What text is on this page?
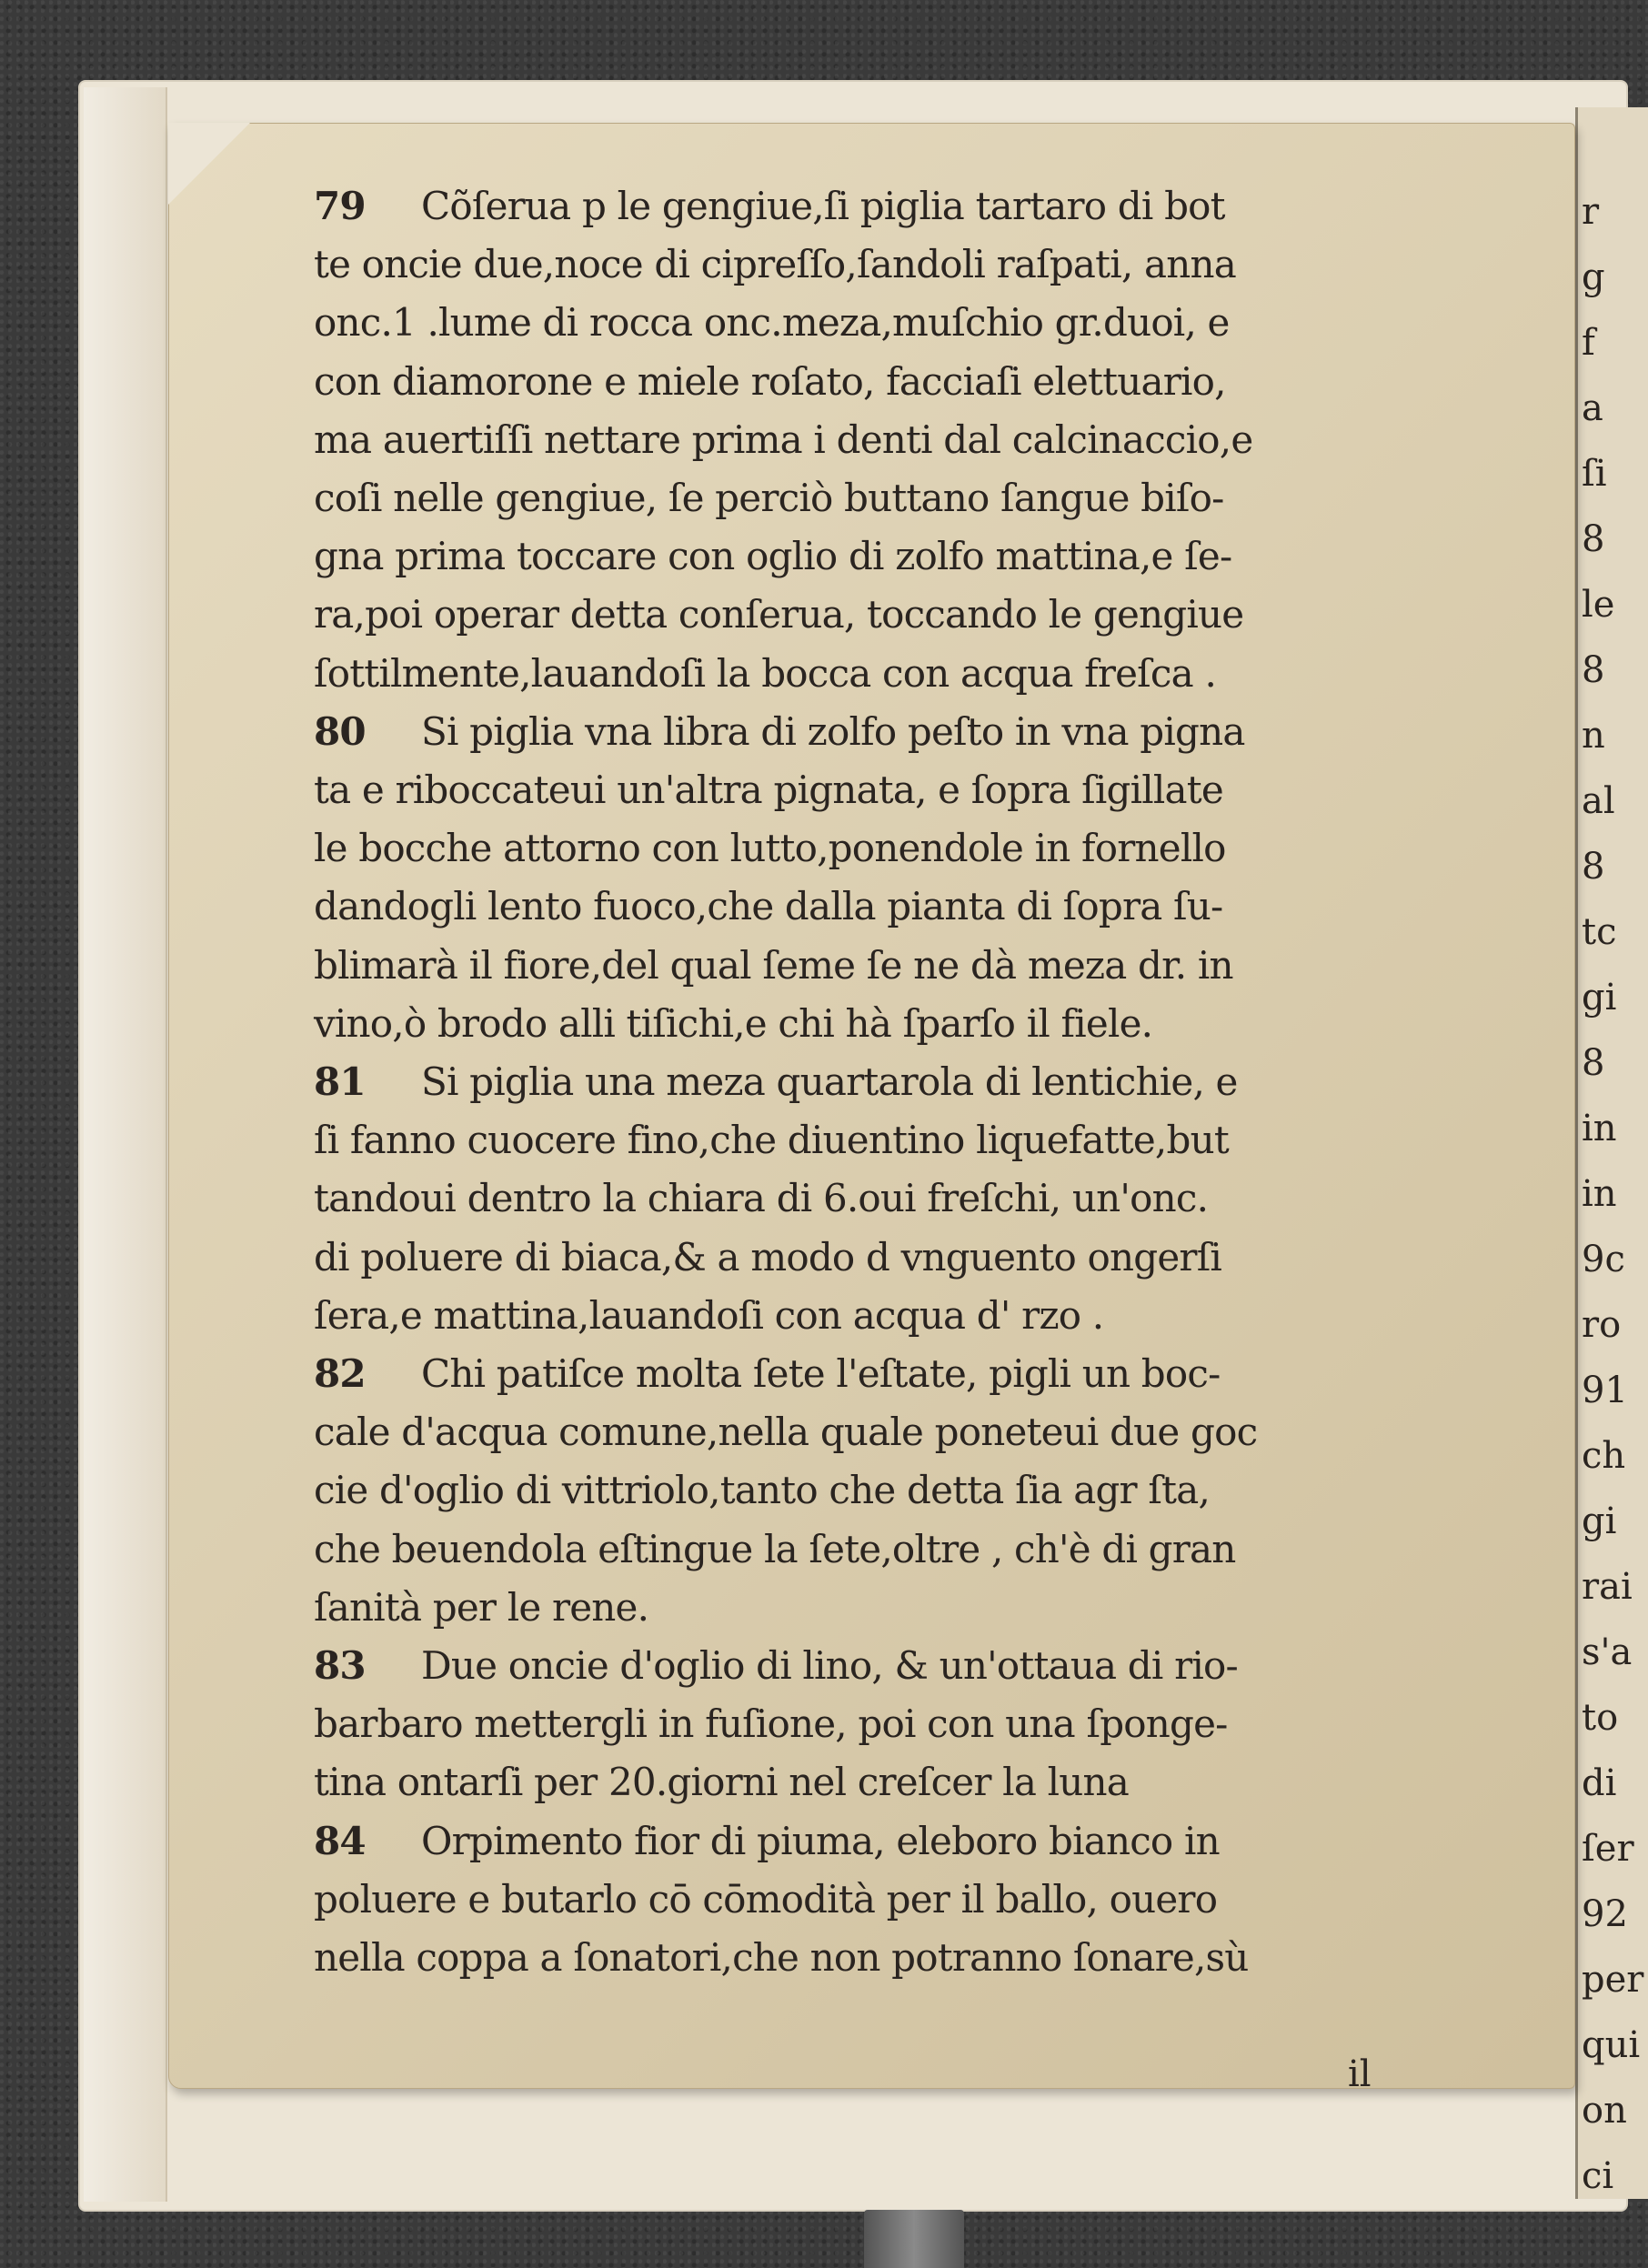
r
g
f
a
ſi
8
le
8
n
al
8
tc
gi
8
in
in
9c
ro
91
ch
gi
rai
s'a
to
di
ſer
92
per
qui
on
ci
79 Cõſerua p le gengiue,ſi piglia tartaro di bot
te oncie due,noce di cipreſſo,ſandoli raſpati, anna
onc.1 .lume di rocca onc.meza,muſchio gr.duoi, e
con diamorone e miele roſato, facciaſi elettuario,
ma auertiſſi nettare prima i denti dal calcinaccio,e
coſi nelle gengiue, ſe perciò buttano ſangue biſo-
gna prima toccare con oglio di zolfo mattina,e ſe-
ra,poi operar detta conſerua, toccando le gengiue
ſottilmente,lauandoſi la bocca con acqua freſca .
80 Si piglia vna libra di zolfo peſto in vna pigna
ta e riboccateui un'altra pignata, e ſopra ſigillate
le bocche attorno con lutto,ponendole in fornello
dandogli lento fuoco,che dalla pianta di ſopra ſu-
blimarà il fiore,del qual ſeme ſe ne dà meza dr. in
vino,ò brodo alli tiſichi,e chi hà ſparſo il fiele.
81 Si piglia una meza quartarola di lentichie, e
ſi fanno cuocere fino,che diuentino liquefatte,but
tandoui dentro la chiara di 6.oui freſchi, un'onc.
di poluere di biaca,& a modo d vnguento ongerſi
ſera,e mattina,lauandoſi con acqua d' rzo .
82 Chi patiſce molta ſete l'eſtate, pigli un boc-
cale d'acqua comune,nella quale poneteui due goc
cie d'oglio di vittriolo,tanto che detta ſia agr ſta,
che beuendola eſtingue la ſete,oltre , ch'è di gran
ſanità per le rene.
83 Due oncie d'oglio di lino, & un'ottaua di rio-
barbaro mettergli in fuſione, poi con una ſponge-
tina ontarſi per 20.giorni nel creſcer la luna
84 Orpimento fior di piuma, eleboro bianco in
poluere e butarlo cō cōmodità per il ballo, ouero
nella coppa a ſonatori,che non potranno ſonare,sù
il
